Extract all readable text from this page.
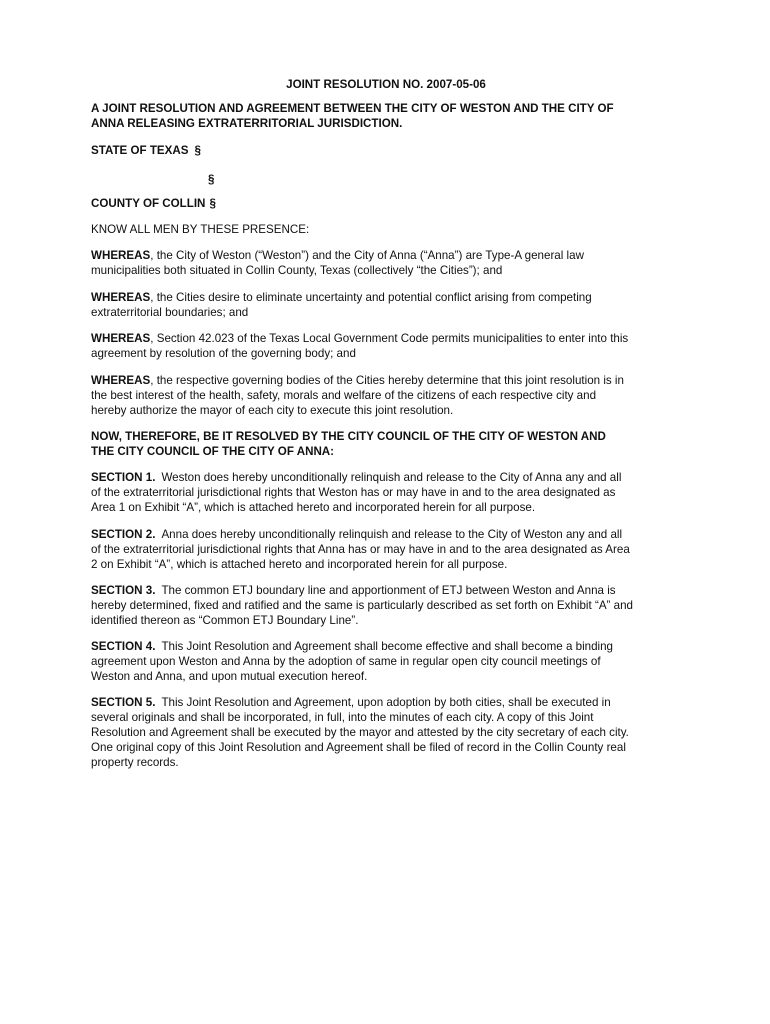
JOINT RESOLUTION NO. 2007-05-06
A JOINT RESOLUTION AND AGREEMENT BETWEEN THE CITY OF WESTON AND THE CITY OF
ANNA RELEASING EXTRATERRITORIAL JURISDICTION.
STATE OF TEXAS §
§
COUNTY OF COLLIN §
KNOW ALL MEN BY THESE PRESENCE:
WHEREAS, the City of Weston (“Weston”) and the City of Anna (“Anna”) are Type-A general law
municipalities both situated in Collin County, Texas (collectively “the Cities”); and
WHEREAS, the Cities desire to eliminate uncertainty and potential conflict arising from competing
extraterritorial boundaries; and
WHEREAS, Section 42.023 of the Texas Local Government Code permits municipalities to enter into this
agreement by resolution of the governing body; and
WHEREAS, the respective governing bodies of the Cities hereby determine that this joint resolution is in
the best interest of the health, safety, morals and welfare of the citizens of each respective city and
hereby authorize the mayor of each city to execute this joint resolution.
NOW, THEREFORE, BE IT RESOLVED BY THE CITY COUNCIL OF THE CITY OF WESTON AND
THE CITY COUNCIL OF THE CITY OF ANNA:
SECTION 1. Weston does hereby unconditionally relinquish and release to the City of Anna any and all
of the extraterritorial jurisdictional rights that Weston has or may have in and to the area designated as
Area 1 on Exhibit “A”, which is attached hereto and incorporated herein for all purpose.
SECTION 2. Anna does hereby unconditionally relinquish and release to the City of Weston any and all
of the extraterritorial jurisdictional rights that Anna has or may have in and to the area designated as Area
2 on Exhibit “A”, which is attached hereto and incorporated herein for all purpose.
SECTION 3. The common ETJ boundary line and apportionment of ETJ between Weston and Anna is
hereby determined, fixed and ratified and the same is particularly described as set forth on Exhibit “A” and
identified thereon as “Common ETJ Boundary Line”.
SECTION 4. This Joint Resolution and Agreement shall become effective and shall become a binding
agreement upon Weston and Anna by the adoption of same in regular open city council meetings of
Weston and Anna, and upon mutual execution hereof.
SECTION 5. This Joint Resolution and Agreement, upon adoption by both cities, shall be executed in
several originals and shall be incorporated, in full, into the minutes of each city. A copy of this Joint
Resolution and Agreement shall be executed by the mayor and attested by the city secretary of each city.
One original copy of this Joint Resolution and Agreement shall be filed of record in the Collin County real
property records.
